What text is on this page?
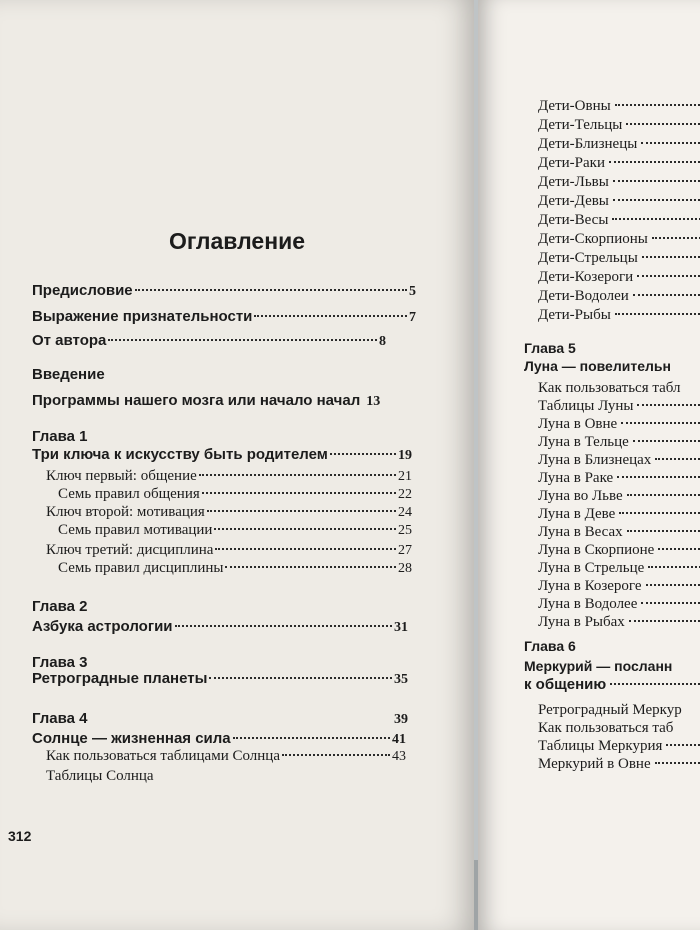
Оглавление
Предисловие	5
Выражение признательности	7
От автора	8
Введение
Программы нашего мозга или начало начал 13
Глава 1
Три ключа к искусству быть родителем	19
Ключ первый: общение	21
Семь правил общения	22
Ключ второй: мотивация	24
Семь правил мотивации	25
Ключ третий: дисциплина	27
Семь правил дисциплины	28
Глава 2
Азбука астрологии	31
Глава 3
Ретроградные планеты	35
Глава 4	39
Солнце — жизненная сила	41
Как пользоваться таблицами Солнца	43
Таблицы Солнца
312
Дети-Овны
Дети-Тельцы
Дети-Близнецы
Дети-Раки
Дети-Львы
Дети-Девы
Дети-Весы
Дети-Скорпионы
Дети-Стрельцы
Дети-Козероги
Дети-Водолеи
Дети-Рыбы
Глава 5
Луна — повелительн
Как пользоваться табл
Таблицы Луны
Луна в Овне
Луна в Тельце
Луна в Близнецах
Луна в Раке
Луна во Льве
Луна в Деве
Луна в Весах
Луна в Скорпионе
Луна в Стрельце
Луна в Козероге
Луна в Водолее
Луна в Рыбах
Глава 6
Меркурий — посланн
к общению
Ретроградный Меркур
Как пользоваться таб
Таблицы Меркурия
Меркурий в Овне
